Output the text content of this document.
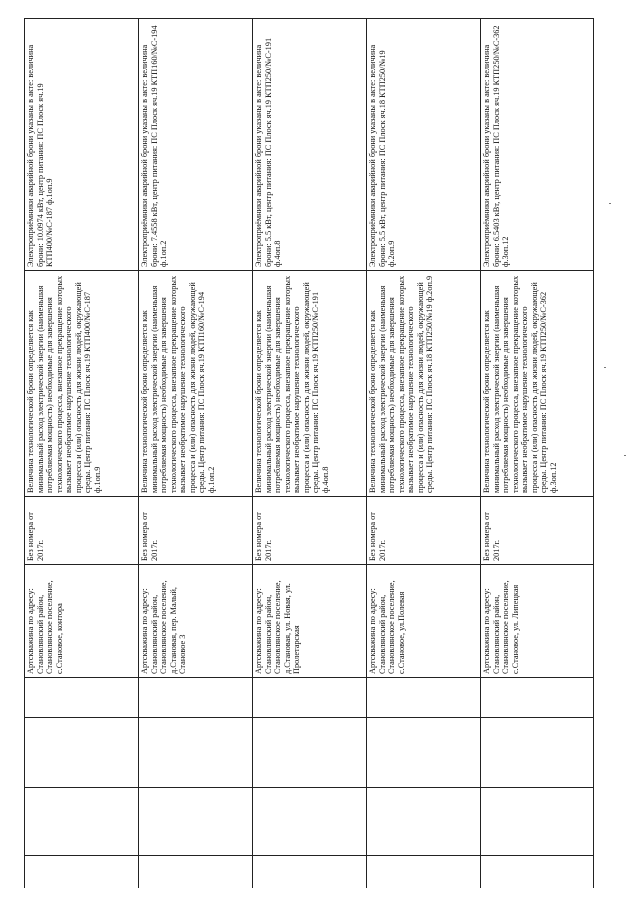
Артскважина по адресу: Становлянский район, Становлянское поселение, с.Становое, контора
Без номера от 2017г.
Величина технологической брони определяется как минимальный расход электрической энергии (наименьшая потребляемая мощность) необходимые для завершения технологического процесса, внезапное прекращение которых вызывает необратимое нарушение технологического процесса и (или) опасность для жизни людей, окружающей среды. Центр питания: ПС Плоск яч.19 КТП400/№С-187 ф.1оп.9
Электроприёмники аварийной брони указаны в акте: величина брони: 10.0974 кВт, центр питания: ПС Плоск яч.19 КТП400/№С-187 ф.1оп.9
Артскважина по адресу: Становлянский район, Становлянское поселение, д.Становая, пер. Малый, Становое 3
Без номера от 2017г.
Величина технологической брони определяется как минимальный расход электрической энергии (наименьшая потребляемая мощность) необходимые для завершения технологического процесса, внезапное прекращение которых вызывает необратимое нарушение технологического процесса и (или) опасность для жизни людей, окружающей среды. Центр питания: ПС Плоск яч.19 КТП160/№С-194 ф.1оп.2
Электроприёмники аварийной брони указаны в акте: величина брони: 7.4558 кВт, центр питания: ПС Плоск яч.19 КТП160/№С-194 ф.1оп.2
Артскважина по адресу: Становлянский район, Становлянское поселение, д.Становая, ул. Новая, ул. Пролетарская
Без номера от 2017г.
Величина технологической брони определяется как минимальный расход электрической энергии (наименьшая потребляемая мощность) необходимые для завершения технологического процесса, внезапное прекращение которых вызывает необратимое нарушение технологического процесса и (или) опасность для жизни людей, окружающей среды. Центр питания: ПС Плоск яч.19 КТП250/№С-191 ф.4оп.8
Электроприёмники аварийной брони указаны в акте: величина брони: 5.5 кВт, центр питания: ПС Плоск яч.19 КТП250/№С-191 ф.4оп.8
Артскважина по адресу: Становлянский район, Становлянское поселение, с.Становое, ул.Полевая
Без номера от 2017г.
Величина технологической брони определяется как минимальный расход электрической энергии (наименьшая потребляемая мощность) необходимые для завершения технологического процесса, внезапное прекращение которых вызывает необратимое нарушение технологического процесса и (или) опасность для жизни людей, окружающей среды. Центр питания: ПС Плоск яч.18 КТП250/№19 ф.2оп.9
Электроприёмники аварийной брони указаны в акте: величина брони: 5.5 кВт, центр питания: ПС Плоск яч.18 КТП250/№19 ф.2оп.9
Артскважина по адресу: Становлянский район, Становлянское поселение, с.Становое, ул. Липецкая
Без номера от 2017г.
Величина технологической брони определяется как минимальный расход электрической энергии (наименьшая потребляемая мощность) необходимые для завершения технологического процесса, внезапное прекращение которых вызывает необратимое нарушение технологического процесса и (или) опасность для жизни людей, окружающей среды. Центр питания: ПС Плоск яч.19 КТП250/№С-362 ф.3оп.12
Электроприёмники аварийной брони указаны в акте: величина брони: 6.5403 кВт, центр питания: ПС Плоск яч.19 КТП250/№С-362 ф.3оп.12
